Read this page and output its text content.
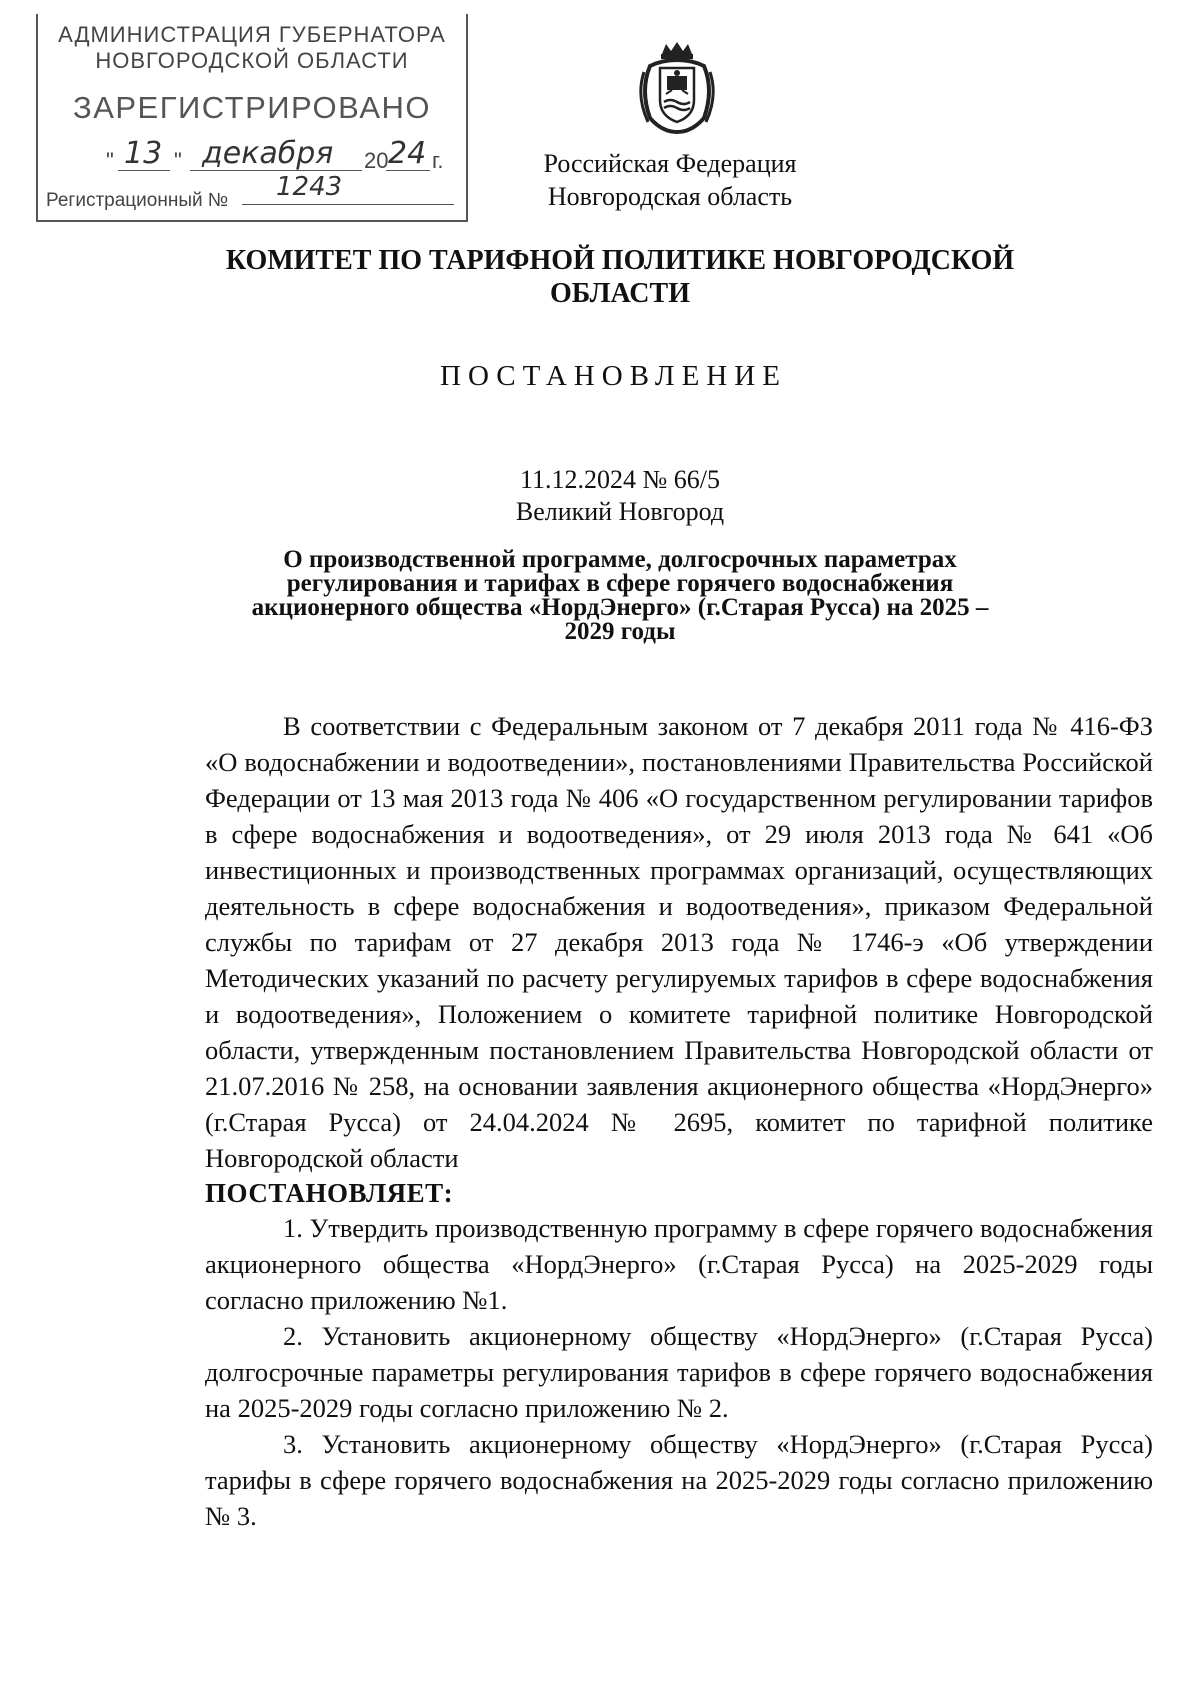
АДМИНИСТРАЦИЯ ГУБЕРНАТОРА
НОВГОРОДСКОЙ ОБЛАСТИ
ЗАРЕГИСТРИРОВАНО
" 13 " декабря 20 24 г.
Регистрационный № 1243
Российская Федерация
Новгородская область
КОМИТЕТ ПО ТАРИФНОЙ ПОЛИТИКЕ НОВГОРОДСКОЙ ОБЛАСТИ
ПОСТАНОВЛЕНИЕ
11.12.2024 № 66/5
Великий Новгород
О производственной программе, долгосрочных параметрах регулирования и тарифах в сфере горячего водоснабжения акционерного общества «НордЭнерго» (г.Старая Русса) на 2025 – 2029 годы

В соответствии с Федеральным законом от 7 декабря 2011 года № 416-ФЗ «О водоснабжении и водоотведении», постановлениями Правительства Российской Федерации от 13 мая 2013 года № 406 «О государственном регулировании тарифов в сфере водоснабжения и водоотведения», от 29 июля 2013 года № 641 «Об инвестиционных и производственных программах организаций, осуществляющих деятельность в сфере водоснабжения и водоотведения», приказом Федеральной службы по тарифам от 27 декабря 2013 года № 1746-э «Об утверждении Методических указаний по расчету регулируемых тарифов в сфере водоснабжения и водоотведения», Положением о комитете тарифной политике Новгородской области, утвержденным постановлением Правительства Новгородской области от 21.07.2016 № 258, на основании заявления акционерного общества «НордЭнерго» (г.Старая Русса) от 24.04.2024 № 2695, комитет по тарифной политике Новгородской области

ПОСТАНОВЛЯЕТ:

1. Утвердить производственную программу в сфере горячего водоснабжения акционерного общества «НордЭнерго» (г.Старая Русса) на 2025-2029 годы согласно приложению №1.

2. Установить акционерному обществу «НордЭнерго» (г.Старая Русса) долгосрочные параметры регулирования тарифов в сфере горячего водоснабжения на 2025-2029 годы согласно приложению № 2.

3. Установить акционерному обществу «НордЭнерго» (г.Старая Русса) тарифы в сфере горячего водоснабжения на 2025-2029 годы согласно приложению № 3.
